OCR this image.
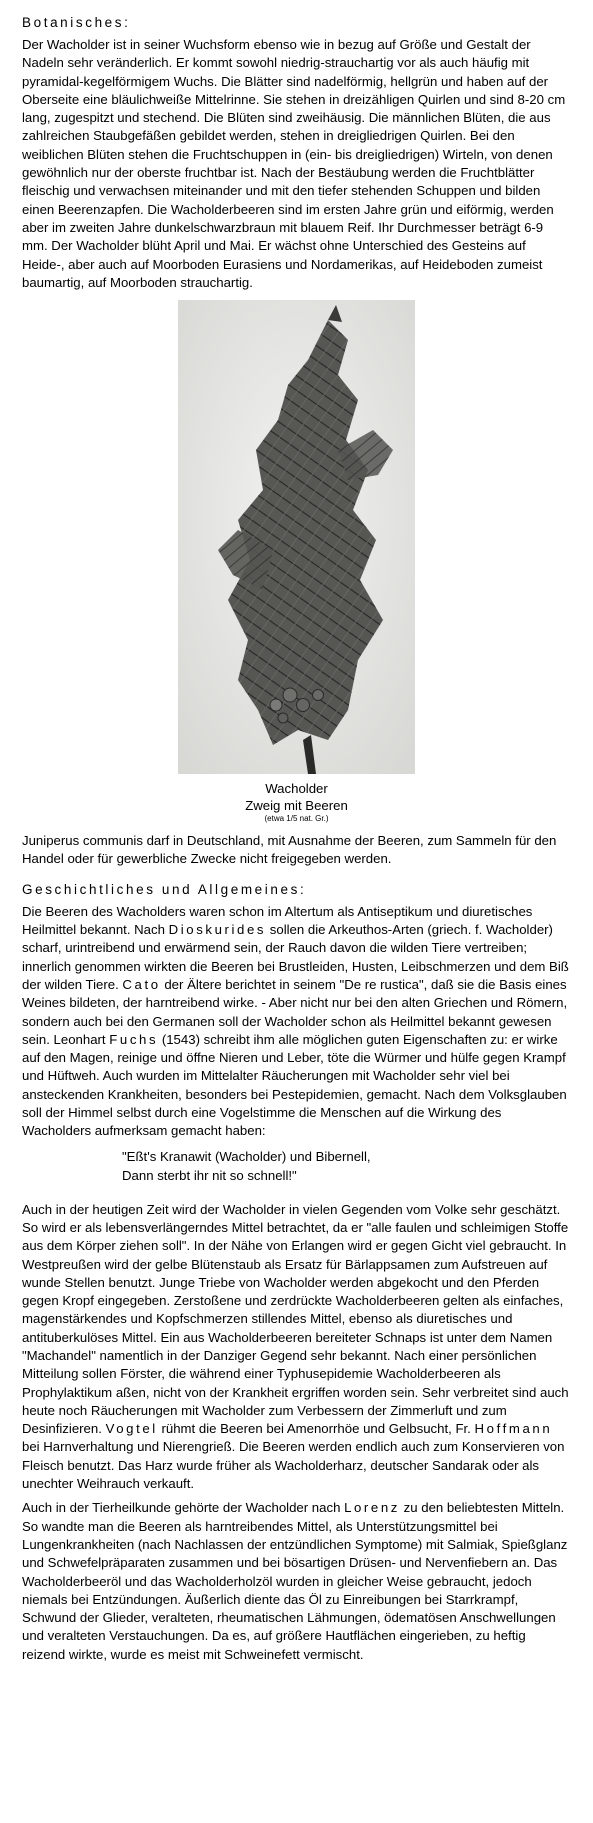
Botanisches:

Der Wacholder ist in seiner Wuchsform ebenso wie in bezug auf Größe und Gestalt der Nadeln sehr veränderlich. Er kommt sowohl niedrig-strauchartig vor als auch häufig mit pyramidal-kegelförmigem Wuchs. Die Blätter sind nadelförmig, hellgrün und haben auf der Oberseite eine bläulichweiße Mittelrinne. Sie stehen in dreizähligen Quirlen und sind 8-20 cm lang, zugespitzt und stechend. Die Blüten sind zweihäusig. Die männlichen Blüten, die aus zahlreichen Staubgefäßen gebildet werden, stehen in dreigliedrigen Quirlen. Bei den weiblichen Blüten stehen die Fruchtschuppen in (ein- bis dreigliedrigen) Wirteln, von denen gewöhnlich nur der oberste fruchtbar ist. Nach der Bestäubung werden die Fruchtblätter fleischig und verwachsen miteinander und mit den tiefer stehenden Schuppen und bilden einen Beerenzapfen. Die Wacholderbeeren sind im ersten Jahre grün und eiförmig, werden aber im zweiten Jahre dunkelschwarzbraun mit blauem Reif. Ihr Durchmesser beträgt 6-9 mm. Der Wacholder blüht April und Mai. Er wächst ohne Unterschied des Gesteins auf Heide-, aber auch auf Moorboden Eurasiens und Nordamerikas, auf Heideboden zumeist baumartig, auf Moorboden strauchartig.

Wacholder
Zweig mit Beeren
(etwa 1/5 nat. Gr.)

Juniperus communis darf in Deutschland, mit Ausnahme der Beeren, zum Sammeln für den Handel oder für gewerbliche Zwecke nicht freigegeben werden.

Geschichtliches und Allgemeines:

Die Beeren des Wacholders waren schon im Altertum als Antiseptikum und diuretisches Heilmittel bekannt. Nach Dioskurides sollen die Arkeuthos-Arten (griech. f. Wacholder) scharf, urintreibend und erwärmend sein, der Rauch davon die wilden Tiere vertreiben; innerlich genommen wirkten die Beeren bei Brustleiden, Husten, Leibschmerzen und dem Biß der wilden Tiere. Cato der Ältere berichtet in seinem "De re rustica", daß sie die Basis eines Weines bildeten, der harntreibend wirke. - Aber nicht nur bei den alten Griechen und Römern, sondern auch bei den Germanen soll der Wacholder schon als Heilmittel bekannt gewesen sein. Leonhart Fuchs (1543) schreibt ihm alle möglichen guten Eigenschaften zu: er wirke auf den Magen, reinige und öffne Nieren und Leber, töte die Würmer und hülfe gegen Krampf und Hüftweh. Auch wurden im Mittelalter Räucherungen mit Wacholder sehr viel bei ansteckenden Krankheiten, besonders bei Pestepidemien, gemacht. Nach dem Volksglauben soll der Himmel selbst durch eine Vogelstimme die Menschen auf die Wirkung des Wacholders aufmerksam gemacht haben:

"Eßt's Kranawit (Wacholder) und Bibernell,
Dann sterbt ihr nit so schnell!"

Auch in der heutigen Zeit wird der Wacholder in vielen Gegenden vom Volke sehr geschätzt. So wird er als lebensverlängerndes Mittel betrachtet, da er "alle faulen und schleimigen Stoffe aus dem Körper ziehen soll". In der Nähe von Erlangen wird er gegen Gicht viel gebraucht. In Westpreußen wird der gelbe Blütenstaub als Ersatz für Bärlappsamen zum Aufstreuen auf wunde Stellen benutzt. Junge Triebe von Wacholder werden abgekocht und den Pferden gegen Kropf eingegeben. Zerstoßene und zerdrückte Wacholderbeeren gelten als einfaches, magenstärkendes und Kopfschmerzen stillendes Mittel, ebenso als diuretisches und antituberkulöses Mittel. Ein aus Wacholderbeeren bereiteter Schnaps ist unter dem Namen "Machandel" namentlich in der Danziger Gegend sehr bekannt. Nach einer persönlichen Mitteilung sollen Förster, die während einer Typhusepidemie Wacholderbeeren als Prophylaktikum aßen, nicht von der Krankheit ergriffen worden sein. Sehr verbreitet sind auch heute noch Räucherungen mit Wacholder zum Verbessern der Zimmerluft und zum Desinfizieren. Vogtel rühmt die Beeren bei Amenorrhöe und Gelbsucht, Fr. Hoffmann bei Harnverhaltung und Nierengrieß. Die Beeren werden endlich auch zum Konservieren von Fleisch benutzt. Das Harz wurde früher als Wacholderharz, deutscher Sandarak oder als unechter Weihrauch verkauft.

Auch in der Tierheilkunde gehörte der Wacholder nach Lorenz zu den beliebtesten Mitteln. So wandte man die Beeren als harntreibendes Mittel, als Unterstützungsmittel bei Lungenkrankheiten (nach Nachlassen der entzündlichen Symptome) mit Salmiak, Spießglanz und Schwefelpräparaten zusammen und bei bösartigen Drüsen- und Nervenfiebern an. Das Wacholderbeeröl und das Wacholderholzöl wurden in gleicher Weise gebraucht, jedoch niemals bei Entzündungen. Äußerlich diente das Öl zu Einreibungen bei Starrkrampf, Schwund der Glieder, veralteten, rheumatischen Lähmungen, ödematösen Anschwellungen und veralteten Verstauchungen. Da es, auf größere Hautflächen eingerieben, zu heftig reizend wirkte, wurde es meist mit Schweinefett vermischt.
